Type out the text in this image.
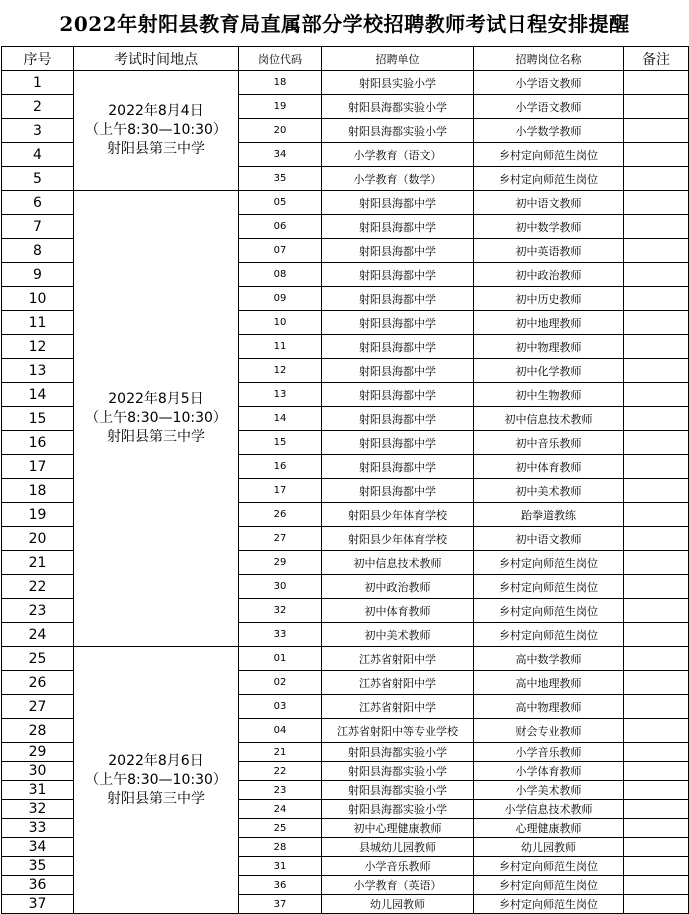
2022年射阳县教育局直属部分学校招聘教师考试日程安排提醒
序号	考试时间地点	岗位代码	招聘单位	招聘岗位名称	备注
1	2022年8月4日
（上午8:30—10:30）
射阳县第三中学	18	射阳县实验小学	小学语文教师	
2		19	射阳县海都实验小学	小学语文教师	
3		20	射阳县海都实验小学	小学数学教师	
4		34	小学教育（语文）	乡村定向师范生岗位	
5		35	小学教育（数学）	乡村定向师范生岗位	
6	2022年8月5日
（上午8:30—10:30）
射阳县第三中学	05	射阳县海都中学	初中语文教师	
7		06	射阳县海都中学	初中数学教师	
8		07	射阳县海都中学	初中英语教师	
9		08	射阳县海都中学	初中政治教师	
10		09	射阳县海都中学	初中历史教师	
11		10	射阳县海都中学	初中地理教师	
12		11	射阳县海都中学	初中物理教师	
13		12	射阳县海都中学	初中化学教师	
14		13	射阳县海都中学	初中生物教师	
15		14	射阳县海都中学	初中信息技术教师	
16		15	射阳县海都中学	初中音乐教师	
17		16	射阳县海都中学	初中体育教师	
18		17	射阳县海都中学	初中美术教师	
19		26	射阳县少年体育学校	跆拳道教练	
20		27	射阳县少年体育学校	初中语文教师	
21		29	初中信息技术教师	乡村定向师范生岗位	
22		30	初中政治教师	乡村定向师范生岗位	
23		32	初中体育教师	乡村定向师范生岗位	
24		33	初中美术教师	乡村定向师范生岗位	
25	2022年8月6日
（上午8:30—10:30）
射阳县第三中学	01	江苏省射阳中学	高中数学教师	
26		02	江苏省射阳中学	高中地理教师	
27		03	江苏省射阳中学	高中物理教师	
28		04	江苏省射阳中等专业学校	财会专业教师	
29		21	射阳县海都实验小学	小学音乐教师	
30		22	射阳县海都实验小学	小学体育教师	
31		23	射阳县海都实验小学	小学美术教师	
32		24	射阳县海都实验小学	小学信息技术教师	
33		25	初中心理健康教师	心理健康教师	
34		28	县城幼儿园教师	幼儿园教师	
35		31	小学音乐教师	乡村定向师范生岗位	
36		36	小学教育（英语）	乡村定向师范生岗位	
37		37	幼儿园教师	乡村定向师范生岗位	
